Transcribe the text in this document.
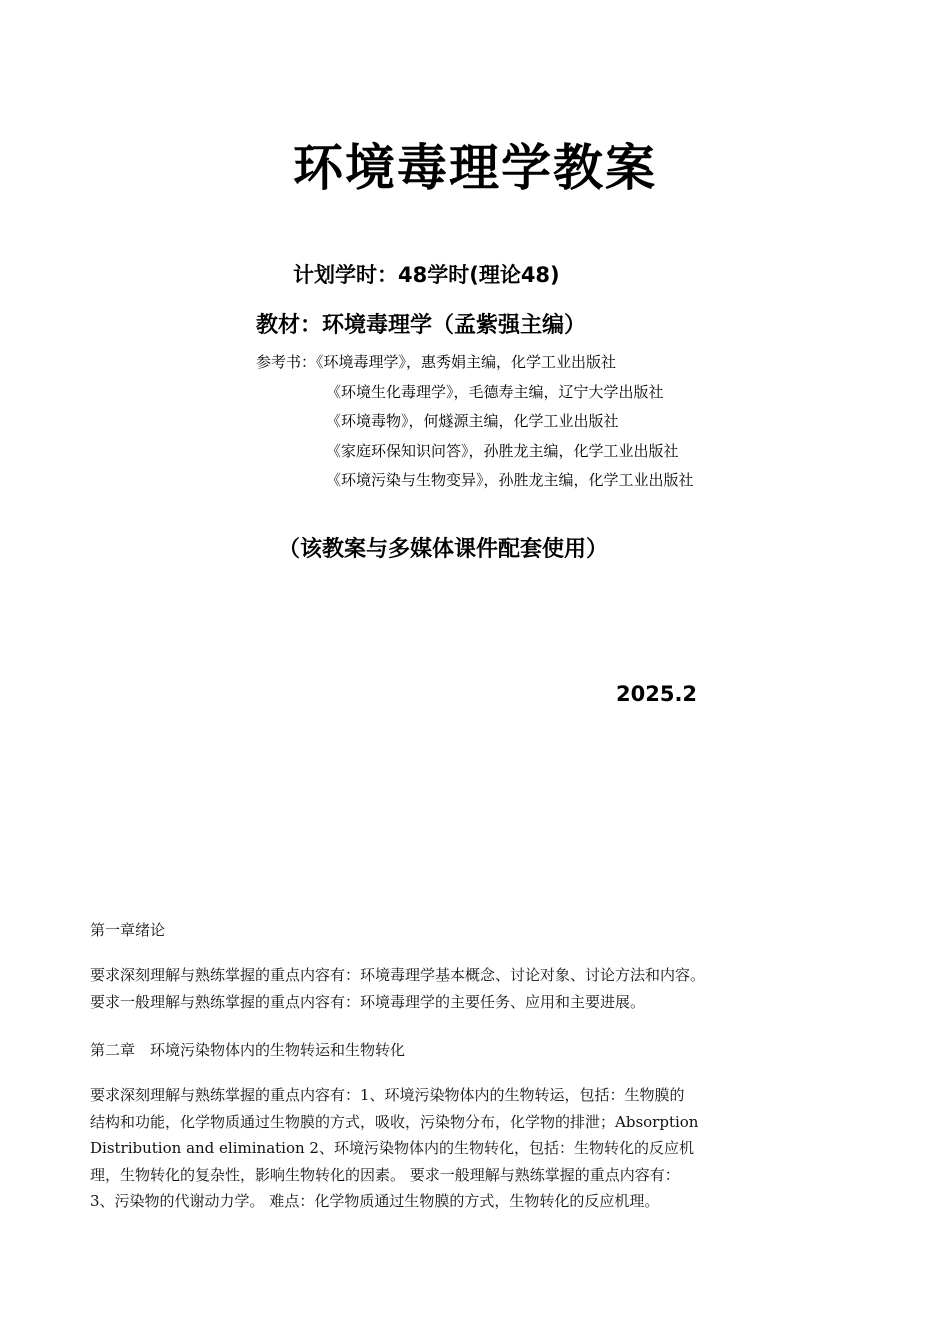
环境毒理学教案
计划学时：48学时(理论48)
教材：环境毒理学（孟紫强主编）
参考书：《环境毒理学》，惠秀娟主编，化学工业出版社
《环境生化毒理学》，毛德寿主编，辽宁大学出版社
《环境毒物》，何燧源主编，化学工业出版社
《家庭环保知识问答》，孙胜龙主编，化学工业出版社
《环境污染与生物变异》，孙胜龙主编，化学工业出版社
（该教案与多媒体课件配套使用）
2025.2
第一章绪论
要求深刻理解与熟练掌握的重点内容有：环境毒理学基本概念、讨论对象、讨论方法和内容。
要求一般理解与熟练掌握的重点内容有：环境毒理学的主要任务、应用和主要进展。
第二章　环境污染物体内的生物转运和生物转化
要求深刻理解与熟练掌握的重点内容有：1、环境污染物体内的生物转运，包括：生物膜的
结构和功能，化学物质通过生物膜的方式，吸收，污染物分布，化学物的排泄；Absorption
Distribution and elimination 2、环境污染物体内的生物转化，包括：生物转化的反应机
理，生物转化的复杂性，影响生物转化的因素。 要求一般理解与熟练掌握的重点内容有：
3、污染物的代谢动力学。 难点：化学物质通过生物膜的方式，生物转化的反应机理。
